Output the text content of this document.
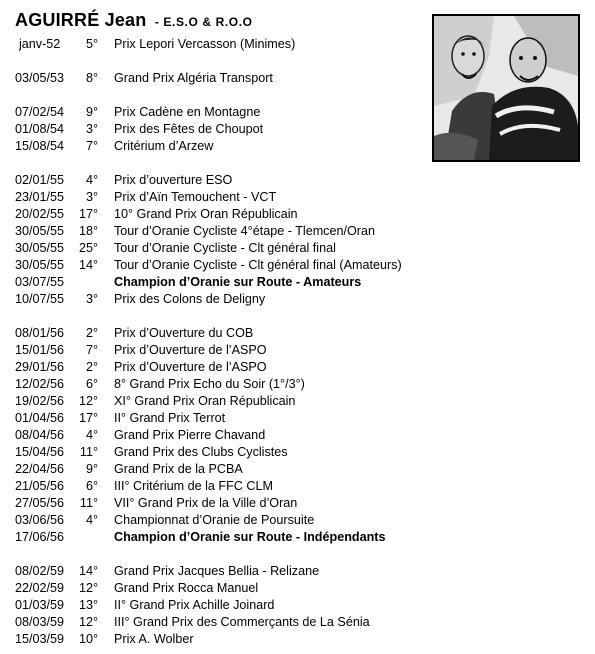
AGUIRRÉ Jean - E.S.O & R.O.O
janv-52	5° Prix Lepori Vercasson (Minimes)
03/05/53	8° Grand Prix Algéria Transport
07/02/54	9° Prix Cadène en Montagne
01/08/54	3° Prix des Fêtes de Choupot
15/08/54	7° Critérium d’Arzew
02/01/55	4° Prix d’ouverture ESO
23/01/55	3° Prix d’Aïn Temouchent - VCT
20/02/55	17° 10° Grand Prix Oran Républicain
30/05/55	18° Tour d’Oranie Cycliste 4°étape - Tlemcen/Oran
30/05/55	25° Tour d’Oranie Cycliste - Clt général final
30/05/55	14° Tour d’Oranie Cycliste - Clt général final (Amateurs)
03/07/55	Champion d’Oranie sur Route - Amateurs
10/07/55	3° Prix des Colons de Deligny
08/01/56	2° Prix d’Ouverture du COB
15/01/56	7° Prix d’Ouverture de l’ASPO
29/01/56	2° Prix d’Ouverture de l’ASPO
12/02/56	6° 8° Grand Prix Echo du Soir (1°/3°)
19/02/56	12° XI° Grand Prix Oran Républicain
01/04/56	17° II° Grand Prix Terrot
08/04/56	4° Grand Prix Pierre Chavand
15/04/56	11° Grand Prix des Clubs Cyclistes
22/04/56	9° Grand Prix de la PCBA
21/05/56	6° III° Critérium de la FFC CLM
27/05/56	11° VII° Grand Prix de la Ville d’Oran
03/06/56	4° Championnat d’Oranie de Poursuite
17/06/56	Champion d’Oranie sur Route - Indépendants
08/02/59	14° Grand Prix Jacques Bellia - Relizane
22/02/59	12° Grand Prix Rocca Manuel
01/03/59	13° II° Grand Prix Achille Joinard
08/03/59	12° III° Grand Prix des Commerçants de La Sénia
15/03/59	10° Prix A. Wolber
